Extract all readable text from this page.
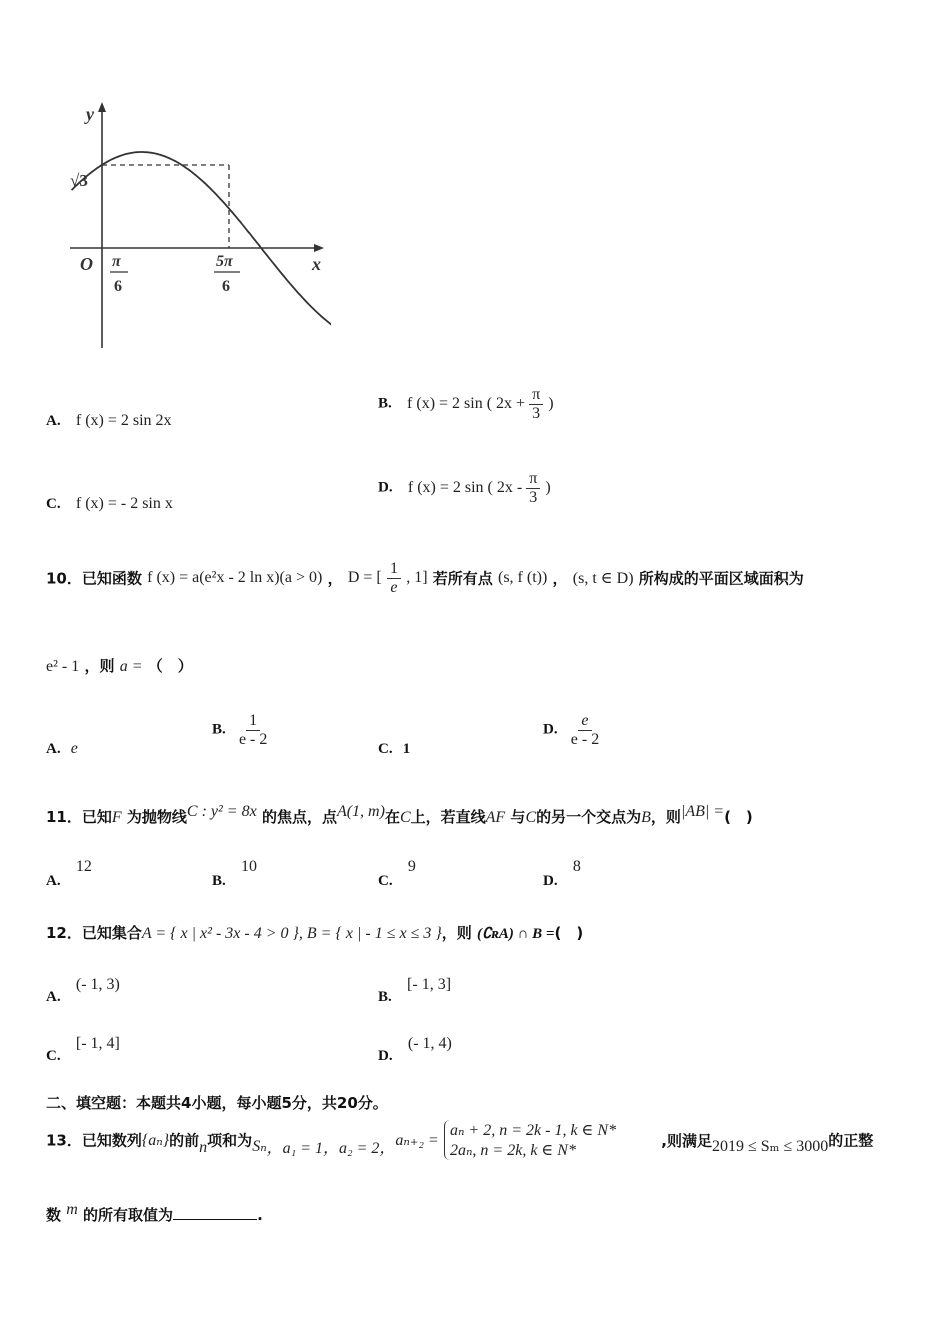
y
x
O
√3
π
6
5π
6
A. f (x) = 2 sin 2x
B. f (x) = 2 sin ( $2x + \frac{\pi}{3}$ )
C. f (x) = - 2 sin x
D. f (x) = 2 sin ( $2x - \frac{\pi}{3}$ )
10．已知函数 f (x) = a(e²x - 2 ln x)(a > 0) ， D = [ $\frac{1}{e}$ , 1] 若所有点 (s, f (t)) ， (s, t ∈ D) 所构成的平面区域面积为
e² - 1 ，则 a = （　）
A. e
B. $\frac{1}{e - 2}$
C. 1
D. $\frac{e}{e - 2}$
11．已知F 为抛物线C : y² = 8x 的焦点，点A(1, m)在C上，若直线AF 与C的另一个交点为B，则|AB| =(　)
A.   12
B.   10
C.   9
D.   8
12．已知集合A = { x | x² - 3x - 4 > 0 }, B = { x | - 1 ≤ x ≤ 3 }，则 (∁ʀA) ∩ B =(　)
A.   (- 1, 3)
B.   [- 1, 3]
C.   [- 1, 4]
D.   (- 1, 4)
二、填空题：本题共4小题，每小题5分，共20分。
13．已知数列{aₙ}的前n项和为Sₙ，a₁ = 1，a₂ = 2，aₙ₊₂ =
aₙ + 2, n = 2k - 1, k ∈ N*
2aₙ, n = 2k, k ∈ N*
,则满足2019 ≤ Sₘ ≤ 3000的正整
数 m 的所有取值为	.
